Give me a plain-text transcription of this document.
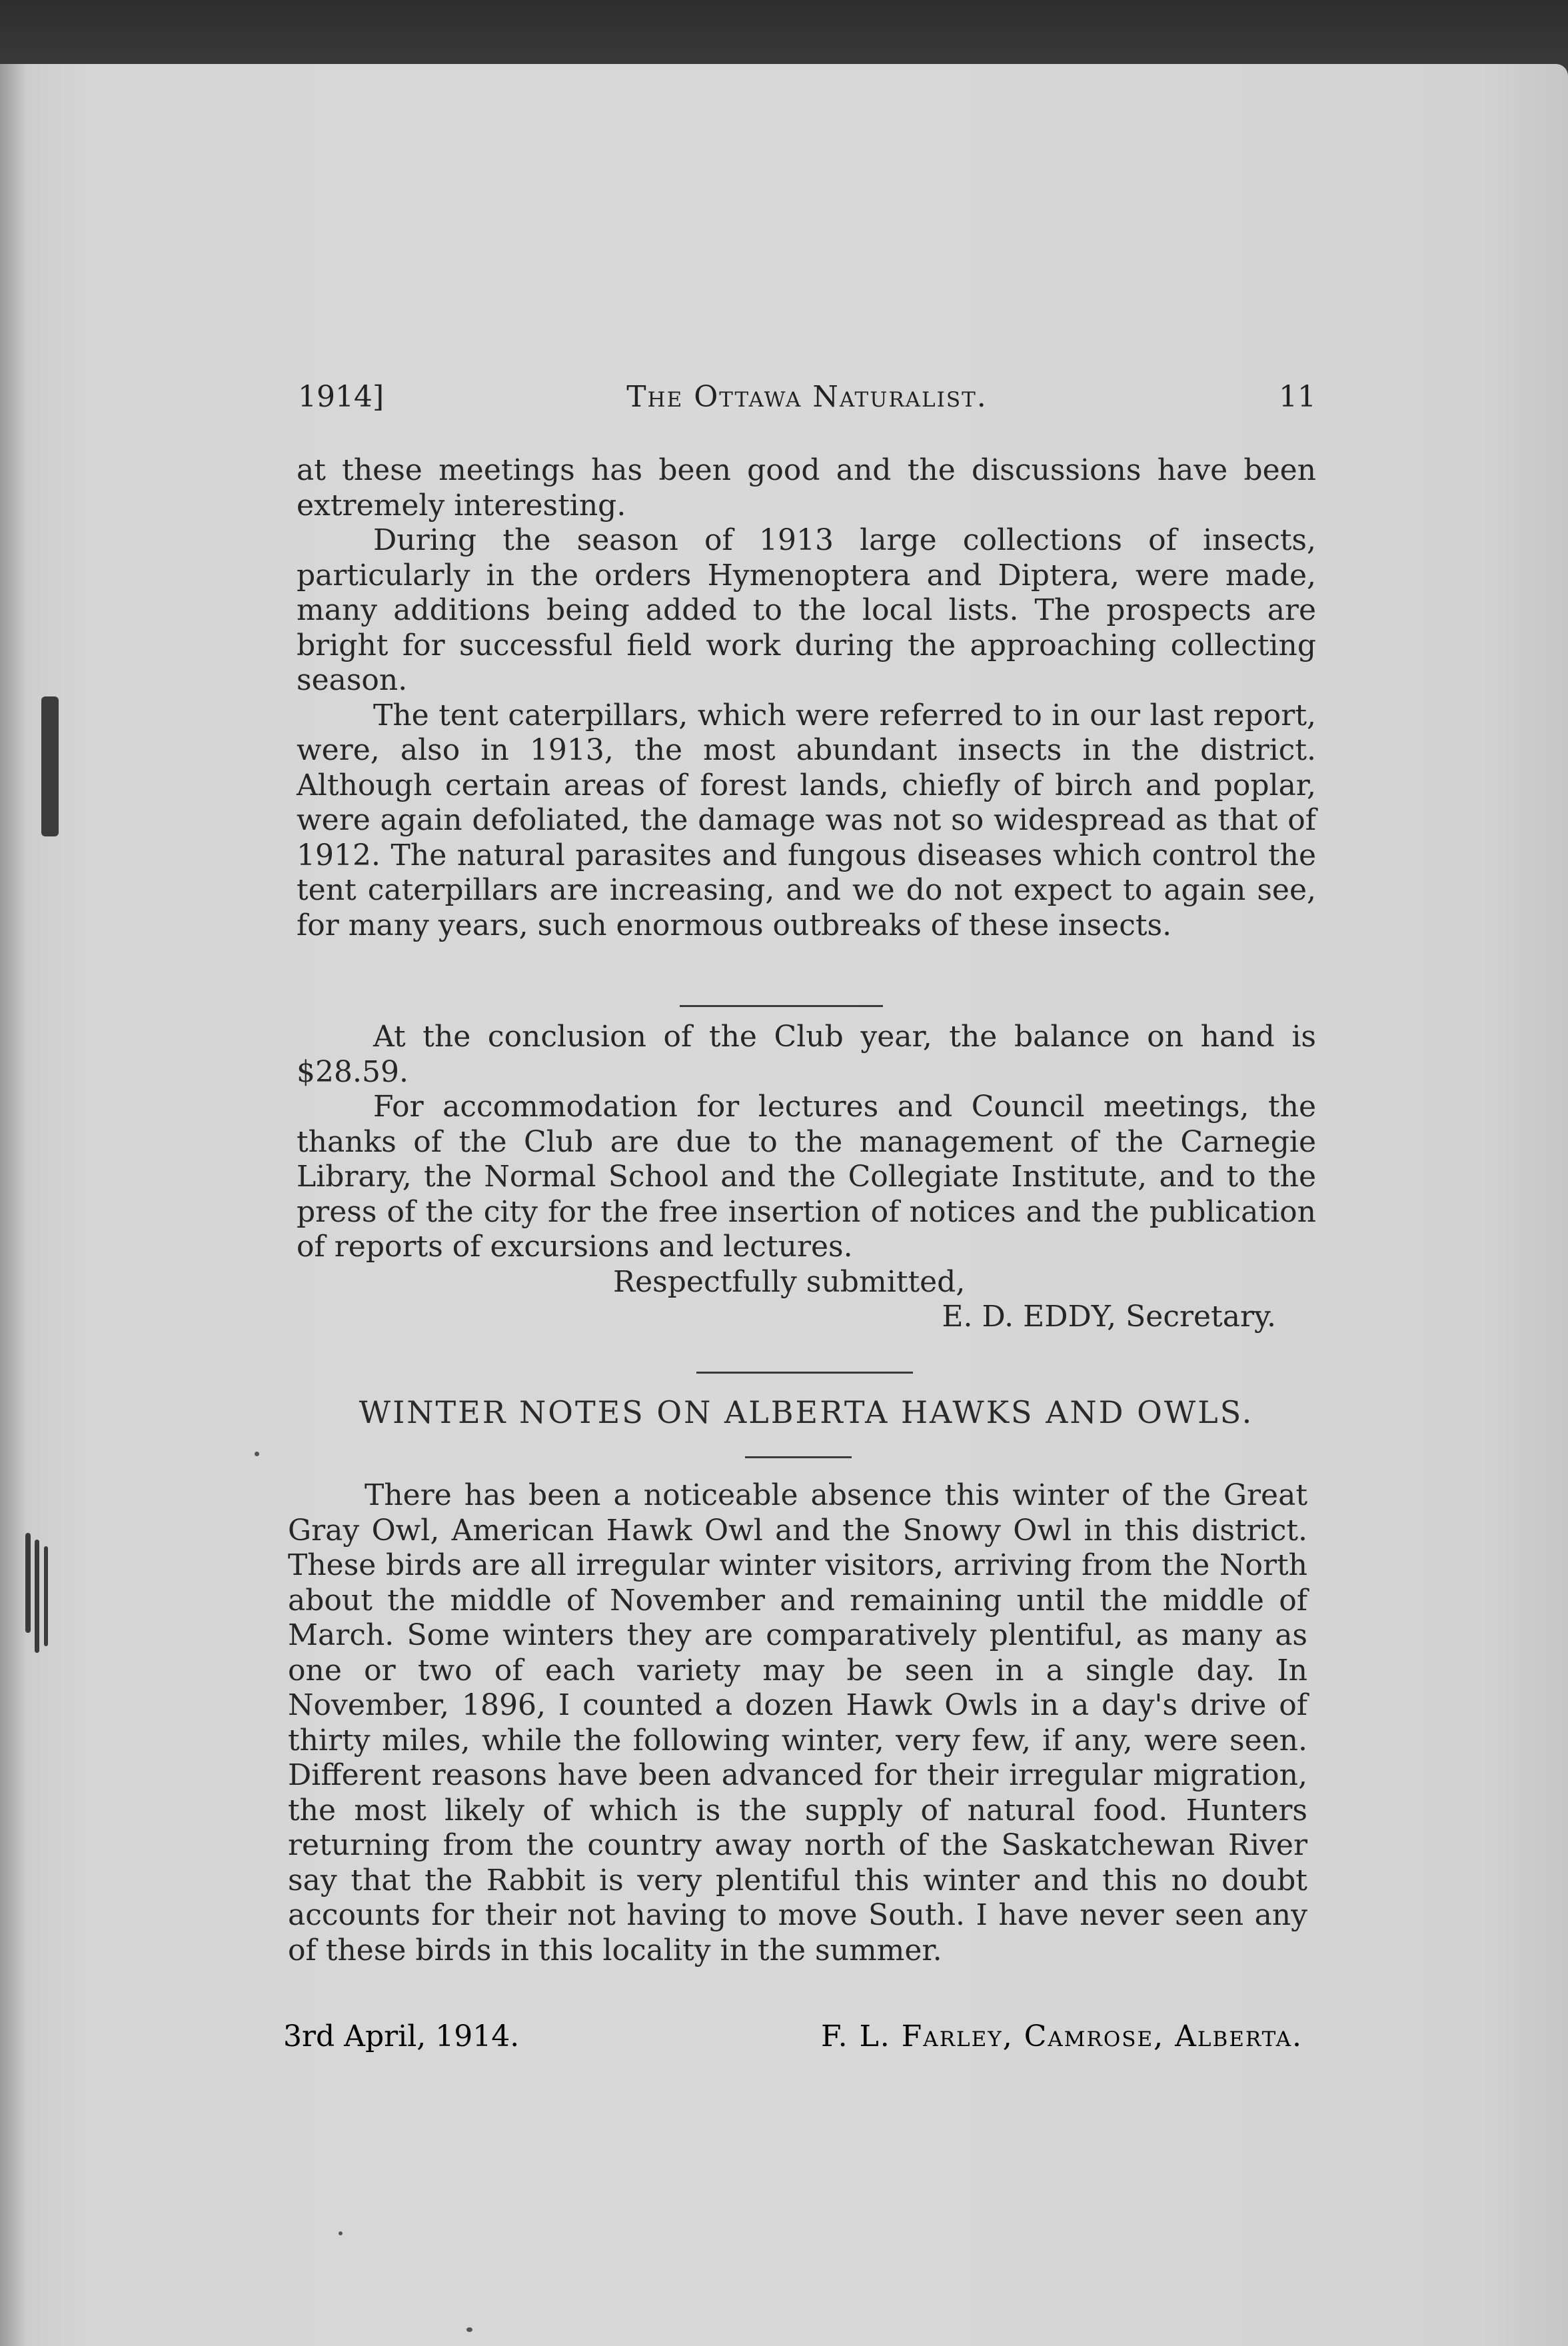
1914]	The Ottawa Naturalist.	11

at these meetings has been good and the discussions have been extremely interesting.

During the season of 1913 large collections of insects, particularly in the orders Hymenoptera and Diptera, were made, many additions being added to the local lists. The prospects are bright for successful field work during the approaching collecting season.

The tent caterpillars, which were referred to in our last report, were, also in 1913, the most abundant insects in the district. Although certain areas of forest lands, chiefly of birch and poplar, were again defoliated, the damage was not so widespread as that of 1912. The natural parasites and fungous diseases which control the tent caterpillars are increasing, and we do not expect to again see, for many years, such enormous outbreaks of these insects.

At the conclusion of the Club year, the balance on hand is $28.59.

For accommodation for lectures and Council meetings, the thanks of the Club are due to the management of the Carnegie Library, the Normal School and the Collegiate Institute, and to the press of the city for the free insertion of notices and the publication of reports of excursions and lectures.

Respectfully submitted,

E. D. EDDY, Secretary.

WINTER NOTES ON ALBERTA HAWKS AND OWLS.

There has been a noticeable absence this winter of the Great Gray Owl, American Hawk Owl and the Snowy Owl in this district. These birds are all irregular winter visitors, arriving from the North about the middle of November and remaining until the middle of March. Some winters they are comparatively plentiful, as many as one or two of each variety may be seen in a single day. In November, 1896, I counted a dozen Hawk Owls in a day's drive of thirty miles, while the following winter, very few, if any, were seen. Different reasons have been advanced for their irregular migration, the most likely of which is the supply of natural food. Hunters returning from the country away north of the Saskatchewan River say that the Rabbit is very plentiful this winter and this no doubt accounts for their not having to move South. I have never seen any of these birds in this locality in the summer.

3rd April, 1914.	F. L. Farley, Camrose, Alberta.
